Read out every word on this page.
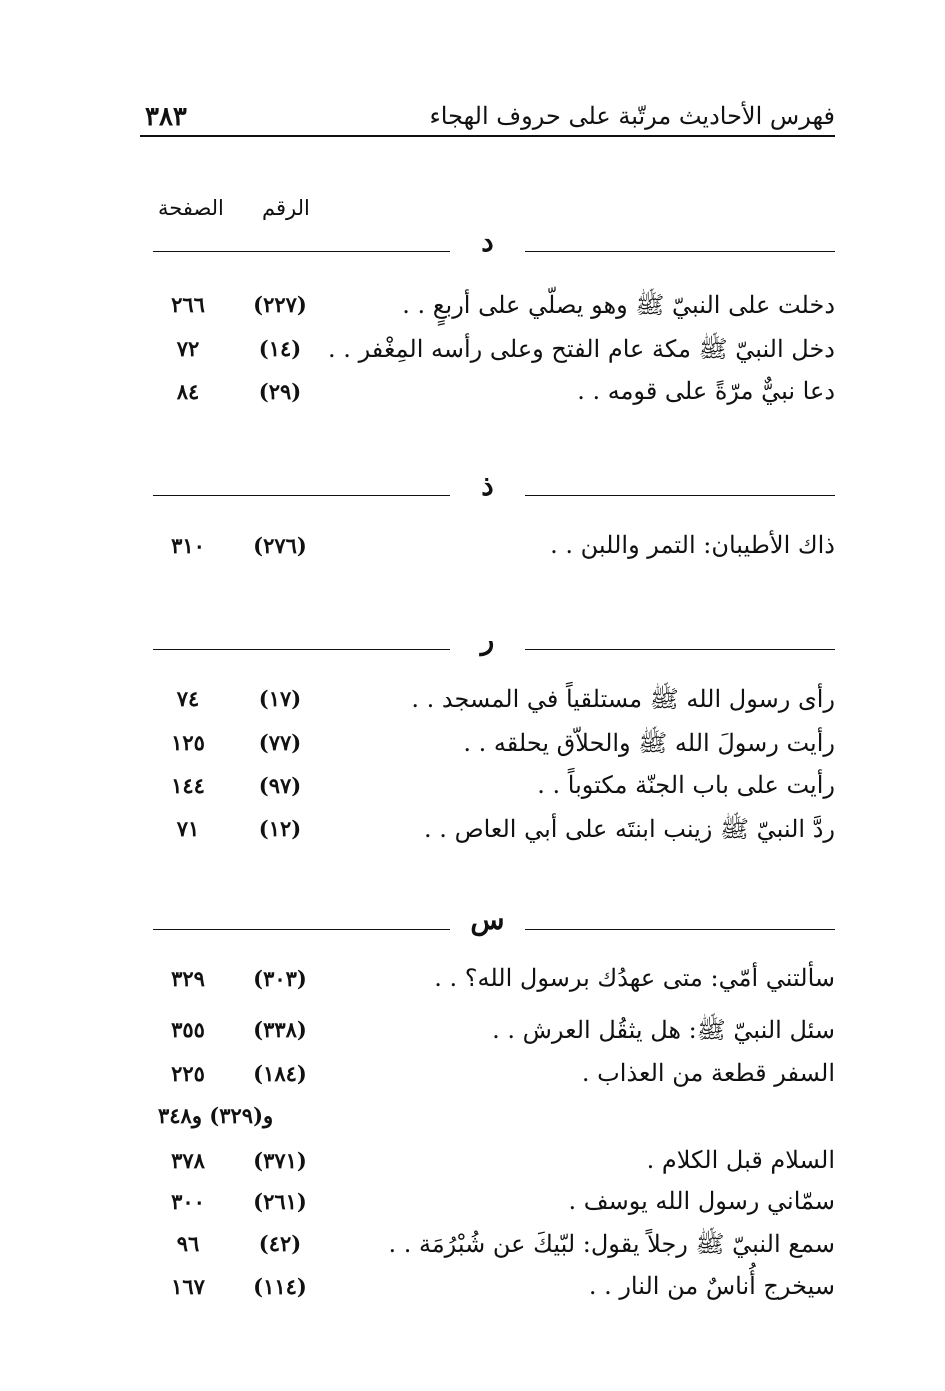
فهرس الأحاديث مرتّبة على حروف الهجاء
٣٨٣
الرقم
الصفحة
د
دخلت على النبيّ ﷺ وهو يصلّي على أربعٍ . .
(٢٢٧)
٢٦٦
دخل النبيّ ﷺ مكة عام الفتح وعلى رأسه المِغْفر . .
(١٤)
٧٢
دعا نبيٌّ مرّةً على قومه . .
(٢٩)
٨٤
ذ
ذاك الأطيبان: التمر واللبن . .
(٢٧٦)
٣١٠
ر
رأى رسول الله ﷺ مستلقياً في المسجد . .
(١٧)
٧٤
رأيت رسولَ الله ﷺ والحلاّق يحلقه . .
(٧٧)
١٢٥
رأيت على باب الجنّة مكتوباً . .
(٩٧)
١٤٤
ردَّ النبيّ ﷺ زينب ابنتَه على أبي العاص . .
(١٢)
٧١
س
سألتني أمّي: متى عهدُك برسول الله؟ . .
(٣٠٣)
٣٢٩
سئل النبيّ ﷺ: هل يثقُل العرش . .
(٣٣٨)
٣٥٥
السفر قطعة من العذاب .
(١٨٤)
٢٢٥
و(٣٢٩) و٣٤٨
السلام قبل الكلام .
(٣٧١)
٣٧٨
سمّاني رسول الله يوسف .
(٢٦١)
٣٠٠
سمع النبيّ ﷺ رجلاً يقول: لبّيكَ عن شُبْرُمَة . .
(٤٢)
٩٦
سيخرج أُناسٌ من النار . .
(١١٤)
١٦٧
